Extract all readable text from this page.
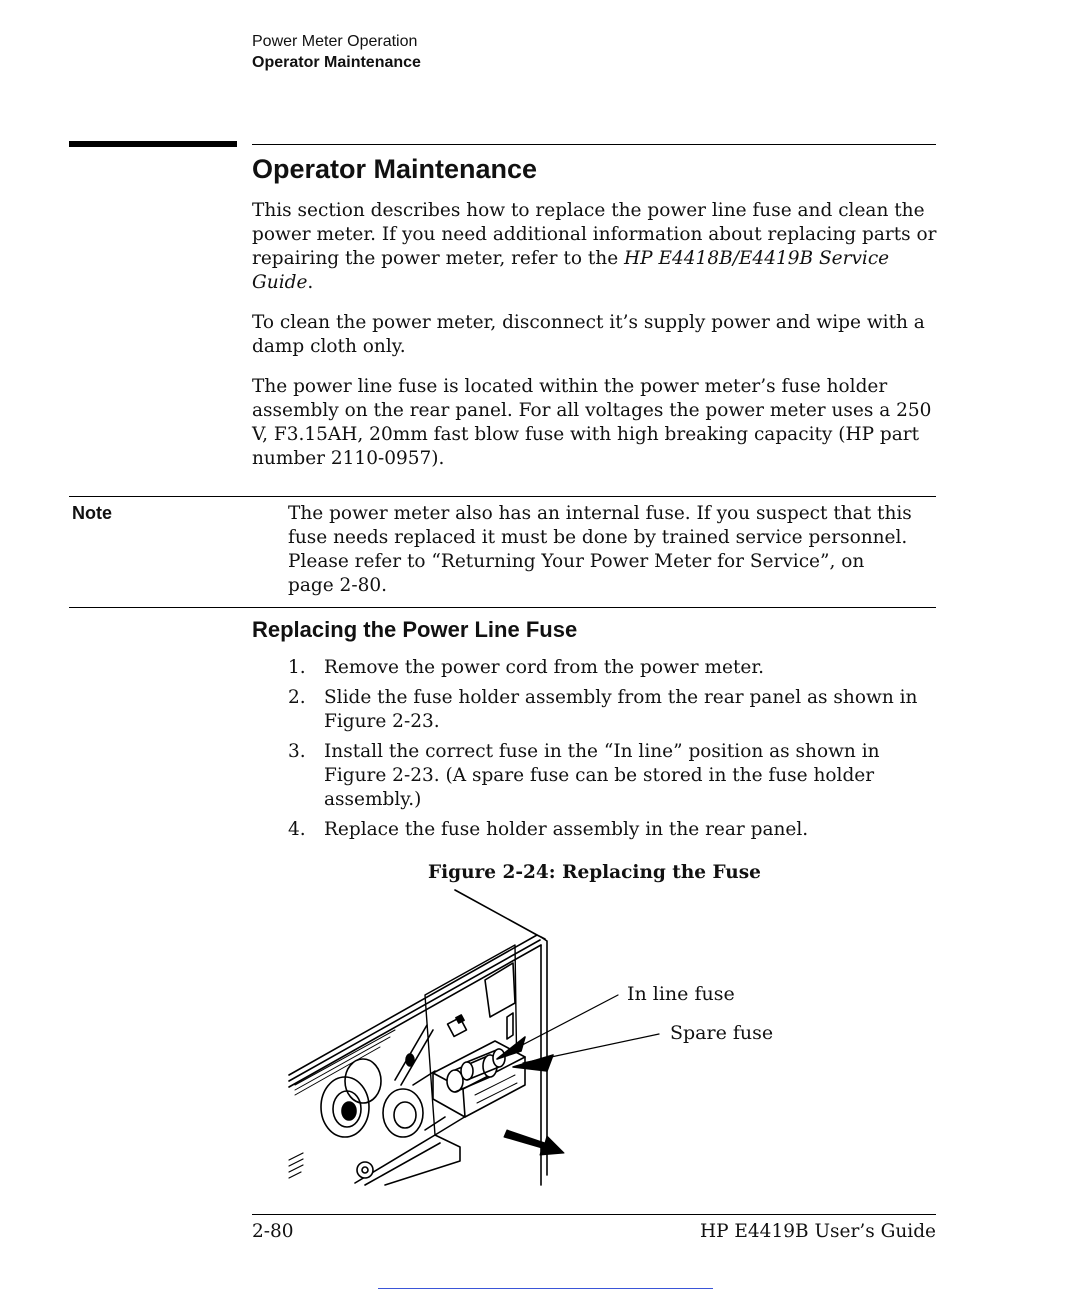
Power Meter Operation
Operator Maintenance
Operator Maintenance
This section describes how to replace the power line fuse and clean the power meter. If you need additional information about replacing parts or repairing the power meter, refer to the HP E4418B/E4419B Service Guide.
To clean the power meter, disconnect it’s supply power and wipe with a damp cloth only.
The power line fuse is located within the power meter’s fuse holder assembly on the rear panel. For all voltages the power meter uses a 250 V, F3.15AH, 20mm fast blow fuse with high breaking capacity (HP part number 2110-0957).
Note	The power meter also has an internal fuse. If you suspect that this
fuse needs replaced it must be done by trained service personnel.
Please refer to “Returning Your Power Meter for Service”, on
page 2-80.
Replacing the Power Line Fuse
1. Remove the power cord from the power meter.
2. Slide the fuse holder assembly from the rear panel as shown in Figure 2-23.
3. Install the correct fuse in the “In line” position as shown in Figure 2-23. (A spare fuse can be stored in the fuse holder assembly.)
4. Replace the fuse holder assembly in the rear panel.
Figure 2-24: Replacing the Fuse
In line fuse
Spare fuse
2-80	HP E4419B User’s Guide
